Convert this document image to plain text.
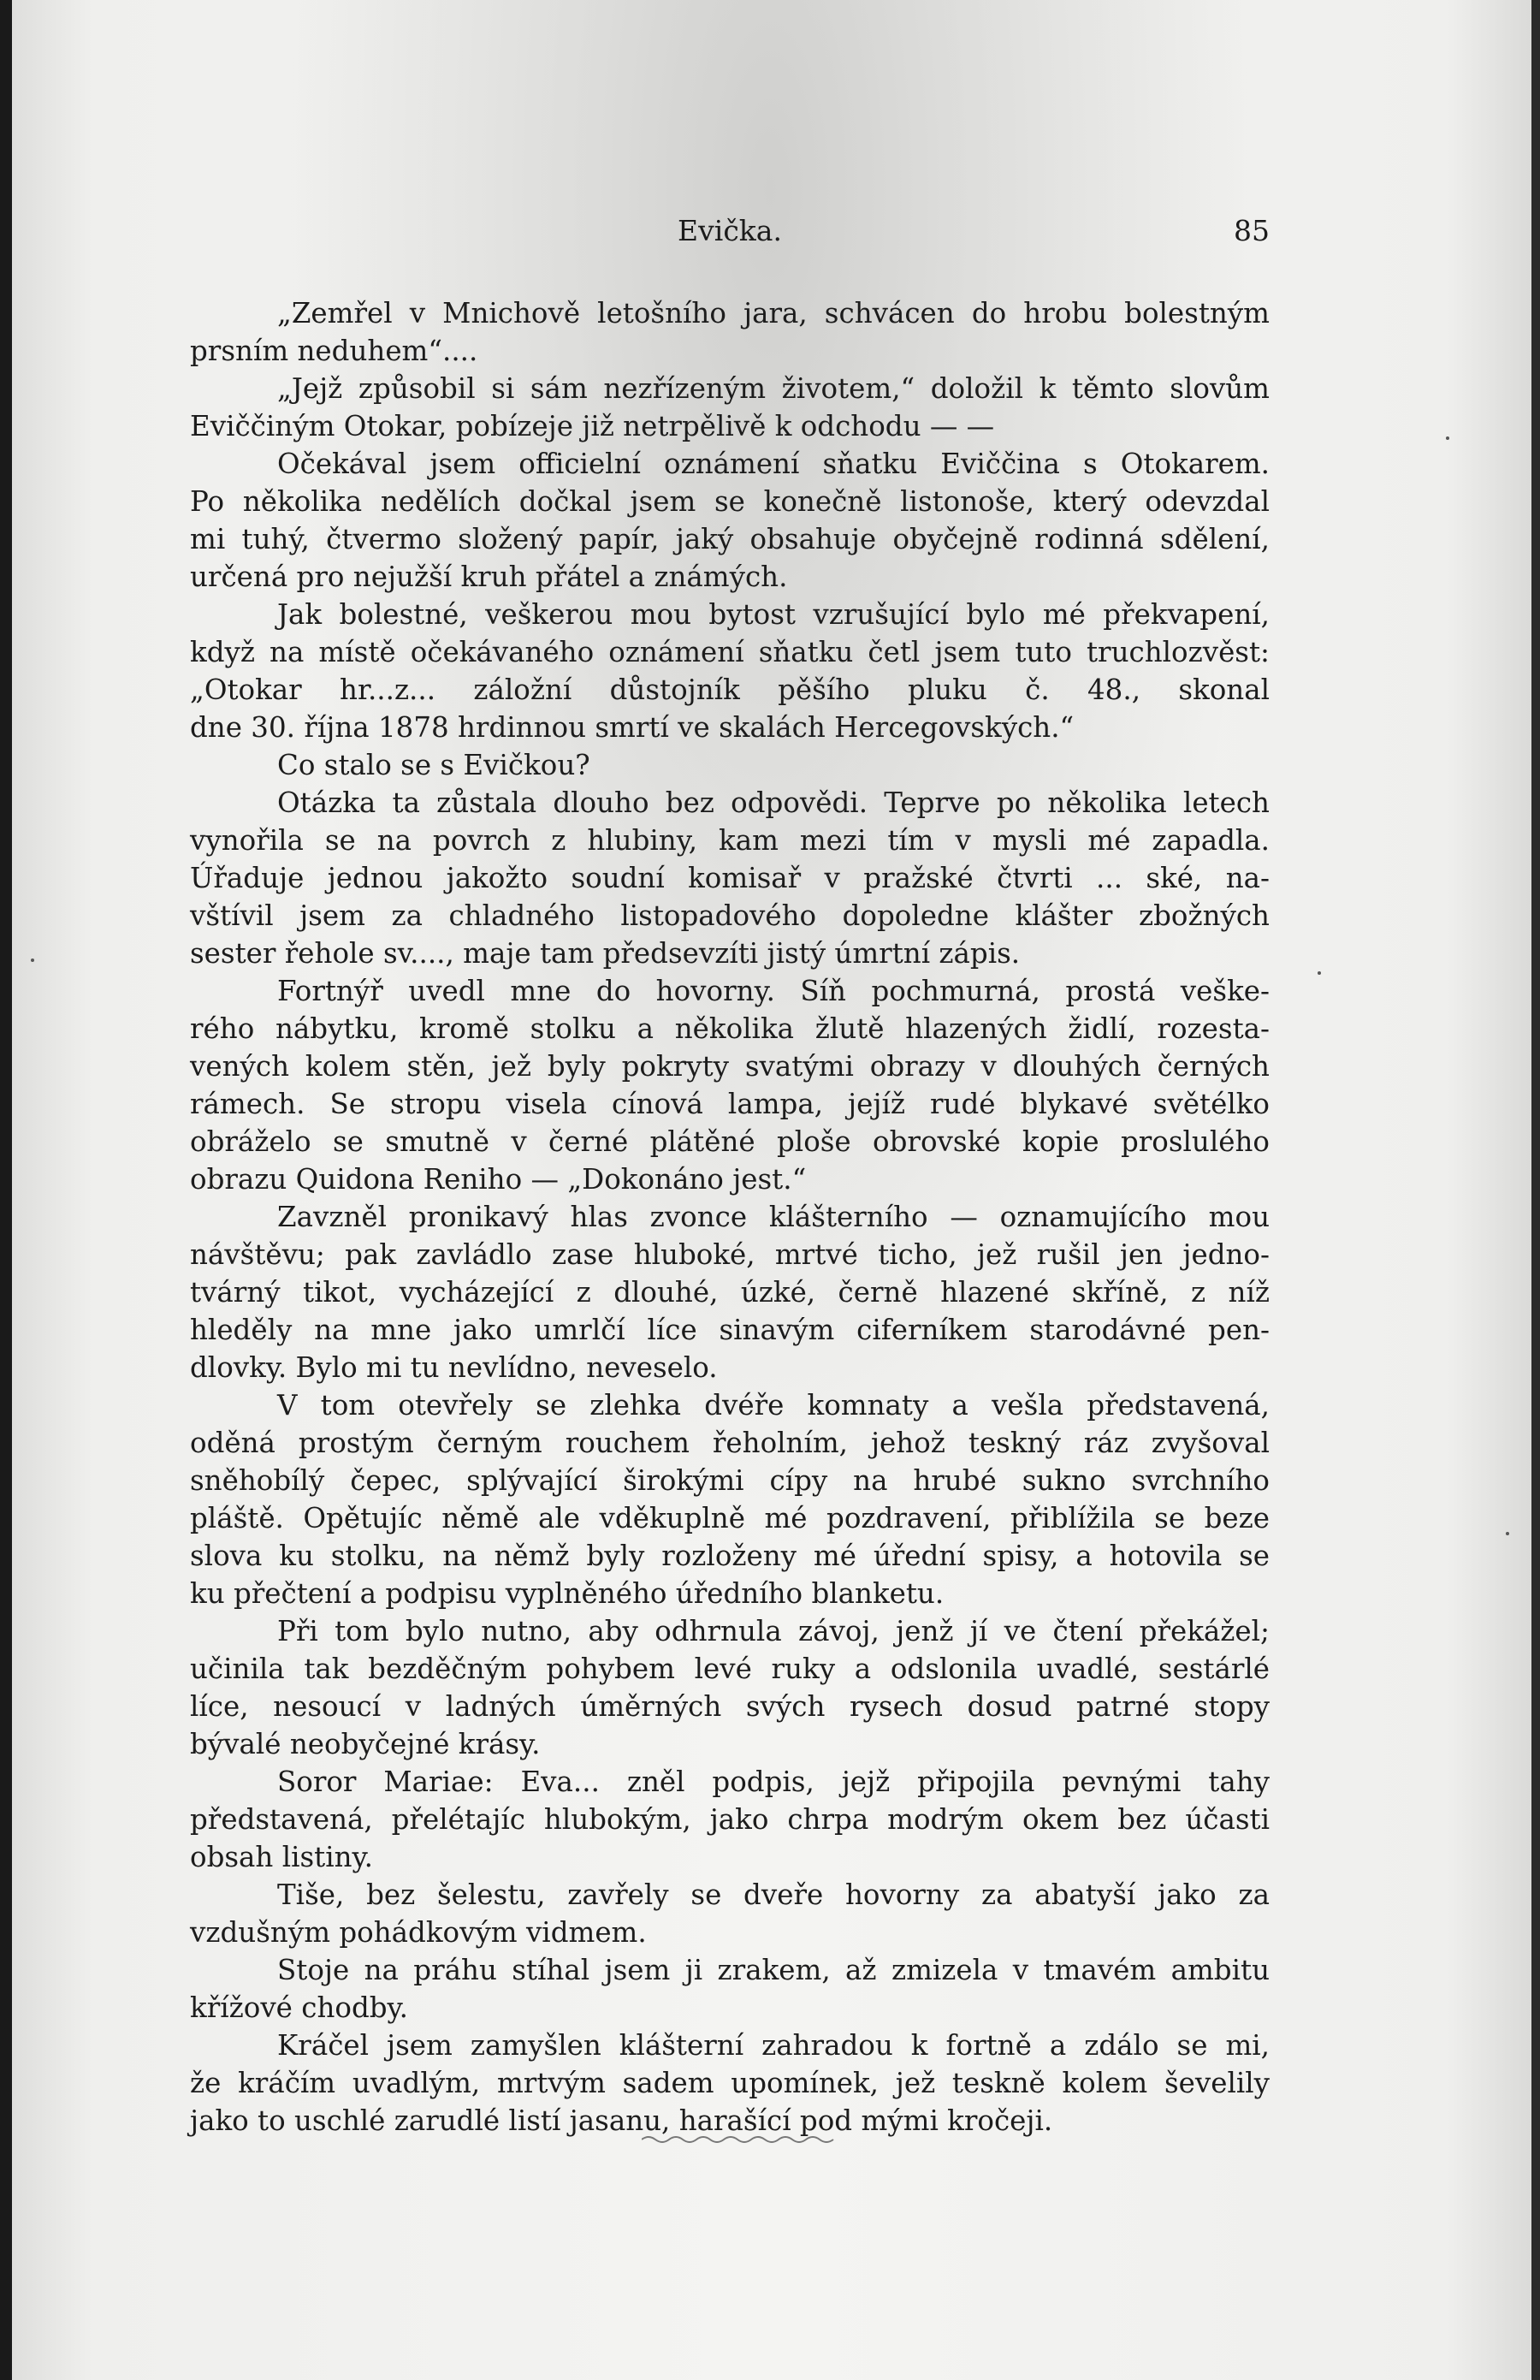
Evička.	85
„Zemřel v Mnichově letošního jara, schvácen do hrobu bolestným
prsním neduhem“....
„Jejž způsobil si sám nezřízeným životem,“ doložil k těmto slovům
Eviččiným Otokar, pobízeje již netrpělivě k odchodu — —
Očekával jsem officielní oznámení sňatku Eviččina s Otokarem.
Po několika nedělích dočkal jsem se konečně listonoše, který odevzdal
mi tuhý, čtvermo složený papír, jaký obsahuje obyčejně rodinná sdělení,
určená pro nejužší kruh přátel a známých.
Jak bolestné, veškerou mou bytost vzrušující bylo mé překvapení,
když na místě očekávaného oznámení sňatku četl jsem tuto truchlozvěst:
„Otokar hr...z... záložní důstojník pěšího pluku č. 48., skonal
dne 30. října 1878 hrdinnou smrtí ve skalách Hercegovských.“
Co stalo se s Evičkou?
Otázka ta zůstala dlouho bez odpovědi. Teprve po několika letech
vynořila se na povrch z hlubiny, kam mezi tím v mysli mé zapadla.
Úřaduje jednou jakožto soudní komisař v pražské čtvrti ... ské, na-
vštívil jsem za chladného listopadového dopoledne klášter zbožných
sester řehole sv...., maje tam předsevzíti jistý úmrtní zápis.
Fortnýř uvedl mne do hovorny. Síň pochmurná, prostá veške-
rého nábytku, kromě stolku a několika žlutě hlazených židlí, rozesta-
vených kolem stěn, jež byly pokryty svatými obrazy v dlouhých černých
rámech. Se stropu visela cínová lampa, jejíž rudé blykavé světélko
obráželo se smutně v černé plátěné ploše obrovské kopie proslulého
obrazu Quidona Reniho — „Dokonáno jest.“
Zavzněl pronikavý hlas zvonce klášterního — oznamujícího mou
návštěvu; pak zavládlo zase hluboké, mrtvé ticho, jež rušil jen jedno-
tvárný tikot, vycházející z dlouhé, úzké, černě hlazené skříně, z níž
hleděly na mne jako umrlčí líce sinavým ciferníkem starodávné pen-
dlovky. Bylo mi tu nevlídno, neveselo.
V tom otevřely se zlehka dvéře komnaty a vešla představená,
oděná prostým černým rouchem řeholním, jehož teskný ráz zvyšoval
sněhobílý čepec, splývající širokými cípy na hrubé sukno svrchního
pláště. Opětujíc němě ale vděkuplně mé pozdravení, přiblížila se beze
slova ku stolku, na němž byly rozloženy mé úřední spisy, a hotovila se
ku přečtení a podpisu vyplněného úředního blanketu.
Při tom bylo nutno, aby odhrnula závoj, jenž jí ve čtení překážel;
učinila tak bezděčným pohybem levé ruky a odslonila uvadlé, sestárlé
líce, nesoucí v ladných úměrných svých rysech dosud patrné stopy
bývalé neobyčejné krásy.
Soror Mariae: Eva... zněl podpis, jejž připojila pevnými tahy
představená, přelétajíc hlubokým, jako chrpa modrým okem bez účasti
obsah listiny.
Tiše, bez šelestu, zavřely se dveře hovorny za abatyší jako za
vzdušným pohádkovým vidmem.
Stoje na práhu stíhal jsem ji zrakem, až zmizela v tmavém ambitu
křížové chodby.
Kráčel jsem zamyšlen klášterní zahradou k fortně a zdálo se mi,
že kráčím uvadlým, mrtvým sadem upomínek, jež teskně kolem ševelily
jako to uschlé zarudlé listí jasanu, harašící pod mými kročeji.
